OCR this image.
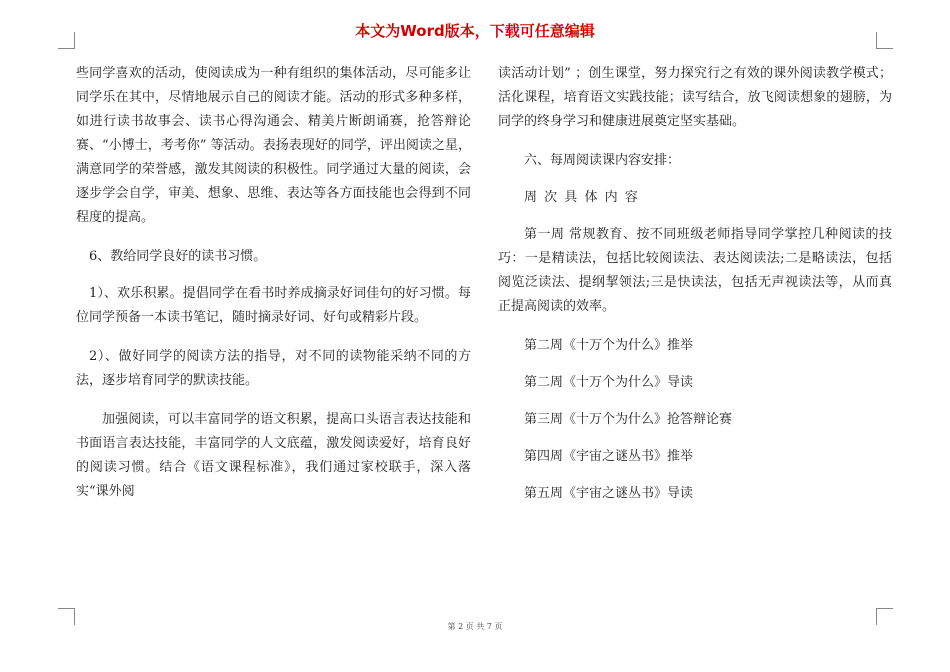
本文为Word版本，下载可任意编辑

些同学喜欢的活动，使阅读成为一种有组织的集体活动，尽可能多让同学乐在其中，尽情地展示自己的阅读才能。活动的形式多种多样，如进行读书故事会、读书心得沟通会、精美片断朗诵赛，抢答辩论赛、“小博士，考考你” 等活动。表扬表现好的同学，评出阅读之星，满意同学的荣誉感，激发其阅读的积极性。同学通过大量的阅读，会逐步学会自学，审美、想象、思维、表达等各方面技能也会得到不同程度的提高。

6、教给同学良好的读书习惯。

1）、欢乐积累。提倡同学在看书时养成摘录好词佳句的好习惯。每位同学预备一本读书笔记，随时摘录好词、好句或精彩片段。

2）、做好同学的阅读方法的指导，对不同的读物能采纳不同的方法，逐步培育同学的默读技能。

加强阅读，可以丰富同学的语文积累，提高口头语言表达技能和书面语言表达技能，丰富同学的人文底蕴，激发阅读爱好，培育良好的阅读习惯。结合《语文课程标准》，我们通过家校联手，深入落实“课外阅

读活动计划” ；创生课堂，努力探究行之有效的课外阅读教学模式；活化课程，培育语文实践技能；读写结合，放飞阅读想象的翅膀，为同学的终身学习和健康进展奠定坚实基础。

六、每周阅读课内容安排：

周次具体内容

第一周 常规教育、按不同班级老师指导同学掌控几种阅读的技巧：一是精读法，包括比较阅读法、表达阅读法;二是略读法，包括阅览泛读法、提纲挈领法;三是快读法，包括无声视读法等，从而真正提高阅读的效率。

第二周《十万个为什么》推举

第二周《十万个为什么》导读

第三周《十万个为什么》抢答辩论赛

第四周《宇宙之谜丛书》推举

第五周《宇宙之谜丛书》导读

第 2 页 共 7 页
